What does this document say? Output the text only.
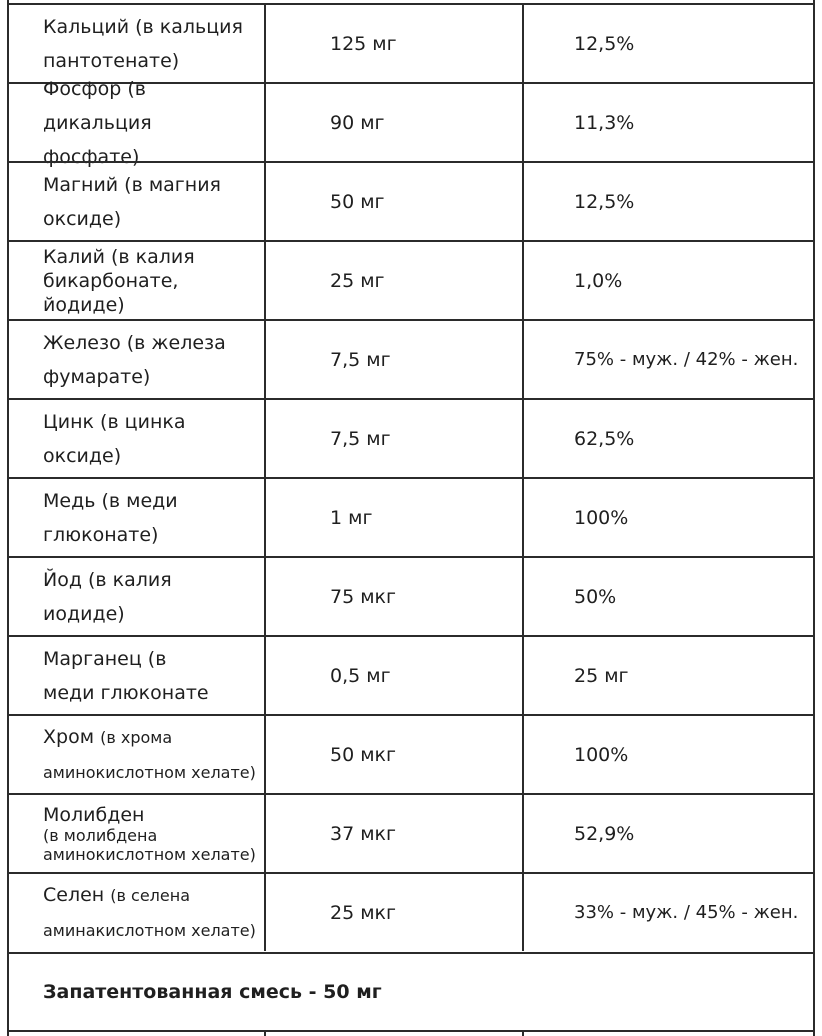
Кальций (в кальция пантотенате)
125 мг	12,5%
Фосфор (в дикальция фосфате)
90 мг	11,3%
Магний (в магния оксиде)
50 мг	12,5%
Калий (в калия бикарбонате, йодиде)
25 мг	1,0%
Железо (в железа фумарате)
7,5 мг	75% - муж. / 42% - жен.
Цинк (в цинка оксиде)
7,5 мг	62,5%
Медь (в меди глюконате)
1 мг	100%
Йод (в калия иодиде)
75 мкг	50%
Марганец (в меди глюконате
0,5 мг	25 мг
Хром (в хрома аминокислотном хелате)
50 мкг	100%
Молибден
(в молибдена аминокислотном хелате)
37 мкг	52,9%
Селен (в селена аминакислотном хелате)
25 мкг	33% - муж. / 45% - жен.
Запатентованная смесь - 50 мг
